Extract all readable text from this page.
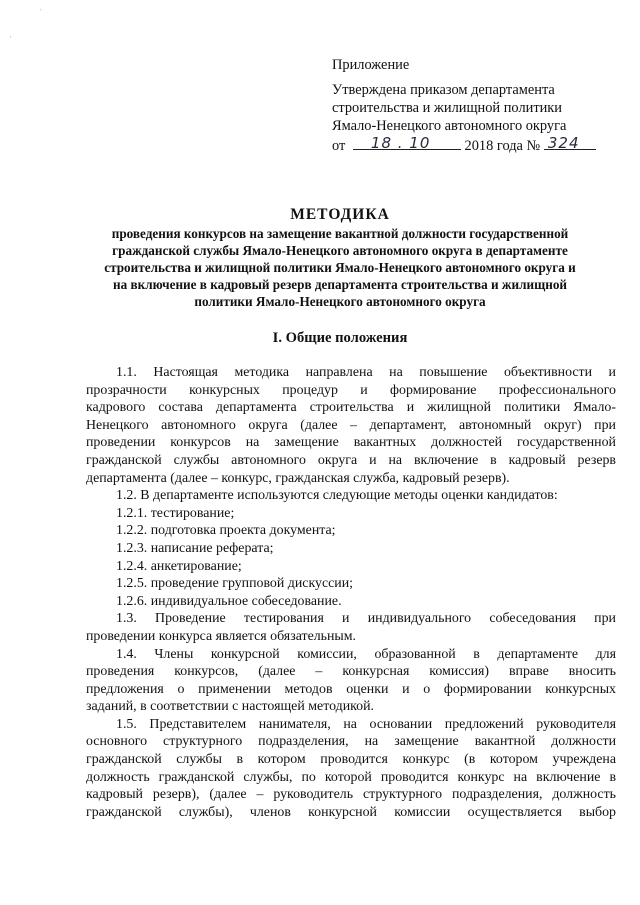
׳ׂ
'
Приложение
Утверждена приказом департамента
строительства и жилищной политики
Ямало-Ненецкого автономного округа
от 18 . 10 2018 года № 324
МЕТОДИКА
проведения конкурсов на замещение вакантной должности государственной
гражданской службы Ямало-Ненецкого автономного округа в департаменте
строительства и жилищной политики Ямало-Ненецкого автономного округа и
на включение в кадровый резерв департамента строительства и жилищной
политики Ямало-Ненецкого автономного округа
I. Общие положения

1.1. Настоящая методика направлена на повышение объективности и

прозрачности конкурсных процедур и формирование профессионального

кадрового состава департамента строительства и жилищной политики Ямало-

Ненецкого автономного округа (далее – департамент, автономный округ) при

проведении конкурсов на замещение вакантных должностей государственной

гражданской службы автономного округа и на включение в кадровый резерв

департамента (далее – конкурс, гражданская служба, кадровый резерв).

1.2. В департаменте используются следующие методы оценки кандидатов:

1.2.1. тестирование;

1.2.2. подготовка проекта документа;

1.2.3. написание реферата;

1.2.4. анкетирование;

1.2.5. проведение групповой дискуссии;

1.2.6. индивидуальное собеседование.

1.3. Проведение тестирования и индивидуального собеседования при

проведении конкурса является обязательным.

1.4. Члены конкурсной комиссии, образованной в департаменте для

проведения конкурсов, (далее – конкурсная комиссия) вправе вносить

предложения о применении методов оценки и о формировании конкурсных

заданий, в соответствии с настоящей методикой.

1.5. Представителем нанимателя, на основании предложений руководителя

основного структурного подразделения, на замещение вакантной должности

гражданской службы в котором проводится конкурс (в котором учреждена

должность гражданской службы, по которой проводится конкурс на включение в

кадровый резерв), (далее – руководитель структурного подразделения, должность

гражданской службы), членов конкурсной комиссии осуществляется выбор
